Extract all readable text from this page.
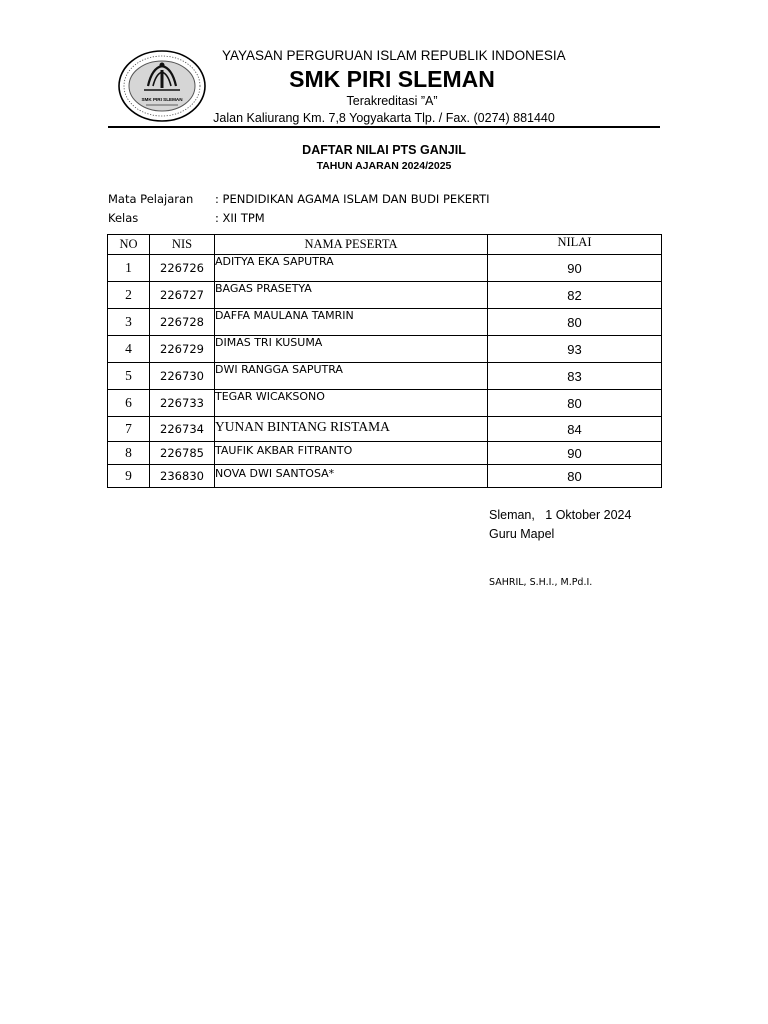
SMK PIRI SLEMAN
YAYASAN PERGURUAN ISLAM REPUBLIK INDONESIA
SMK PIRI SLEMAN
Terakreditasi ”A”
Jalan Kaliurang Km. 7,8 Yogyakarta Tlp. / Fax. (0274) 881440
DAFTAR NILAI PTS GANJIL
TAHUN AJARAN 2024/2025
Mata Pelajaran : PENDIDIKAN AGAMA ISLAM DAN BUDI PEKERTI
Kelas	: XII TPM
NO	NIS	NAMA PESERTA	NILAI
1	226726	ADITYA EKA SAPUTRA	90
2	226727	BAGAS PRASETYA	82
3	226728	DAFFA MAULANA TAMRIN	80
4	226729	DIMAS TRI KUSUMA	93
5	226730	DWI RANGGA SAPUTRA	83
6	226733	TEGAR WICAKSONO	80
7	226734	YUNAN BINTANG RISTAMA	84
8	226785	TAUFIK AKBAR FITRANTO	90
9	236830	NOVA DWI SANTOSA*	80
Sleman,   1 Oktober 2024
Guru Mapel
SAHRIL, S.H.I., M.Pd.I.
